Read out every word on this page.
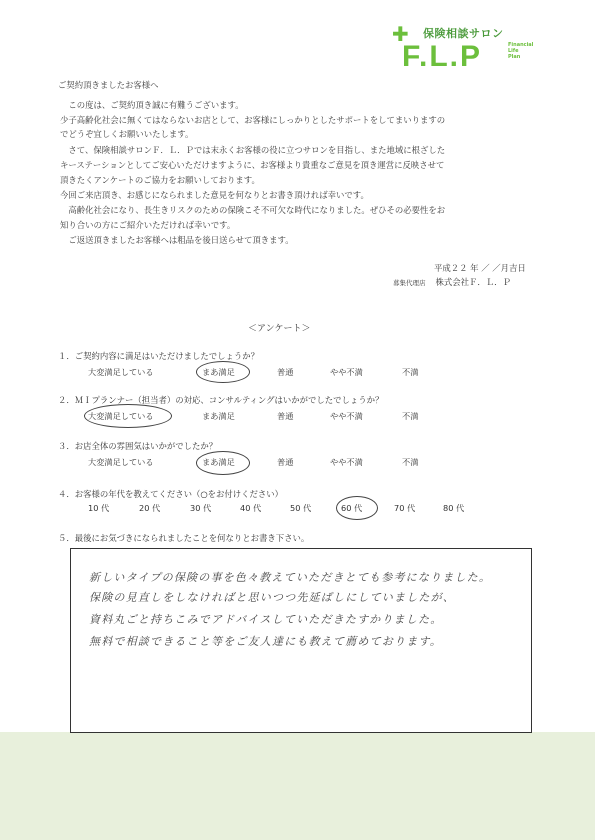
✚ 保険相談サロン
F.L.P	Financial
Life
Plan
ご契約頂きましたお客様へ
　この度は、ご契約頂き誠に有難うございます。
少子高齢化社会に無くてはならないお店として、お客様にしっかりとしたサポートをしてまいりますの
でどうぞ宜しくお願いいたします。
　さて、保険相談サロンＦ．Ｌ．Ｐでは末永くお客様の役に立つサロンを目指し、また地域に根ざした
キーステーションとしてご安心いただけますように、お客様より貴重なご意見を頂き運営に反映させて
頂きたくアンケートのご協力をお願いしております。
今回ご来店頂き、お感じになられました意見を何なりとお書き頂ければ幸いです。
　高齢化社会になり、長生きリスクのための保険こそ不可欠な時代になりました。ぜひその必要性をお
知り合いの方にご紹介いただければ幸いです。
　ご返送頂きましたお客様へは粗品を後日送らせて頂きます。
平成２２ 年 ／ ／月吉日
募集代理店 株式会社Ｆ．Ｌ．Ｐ
＜アンケート＞
１．ご契約内容に満足はいただけましたでしょうか？
大変満足している	まあ満足	普通	やや不満	不満
２．ＭＩプランナー（担当者）の対応、コンサルティングはいかがでしたでしょうか？
大変満足している	まあ満足	普通	やや不満	不満
３．お店全体の雰囲気はいかがでしたか？
大変満足している	まあ満足	普通	やや不満	不満
４．お客様の年代を教えてください（○をお付けください）
10 代	20 代	30 代	40 代	50 代	60 代	70 代	80 代
５．最後にお気づきになられましたことを何なりとお書き下さい。
新しいタイプの保険の事を色々教えていただきとても参考になりました。
保険の見直しをしなければと思いつつ先延ばしにしていましたが、
資料丸ごと持ちこみでアドバイスしていただきたすかりました。
無料で相談できること等をご友人達にも教えて薦めております。
